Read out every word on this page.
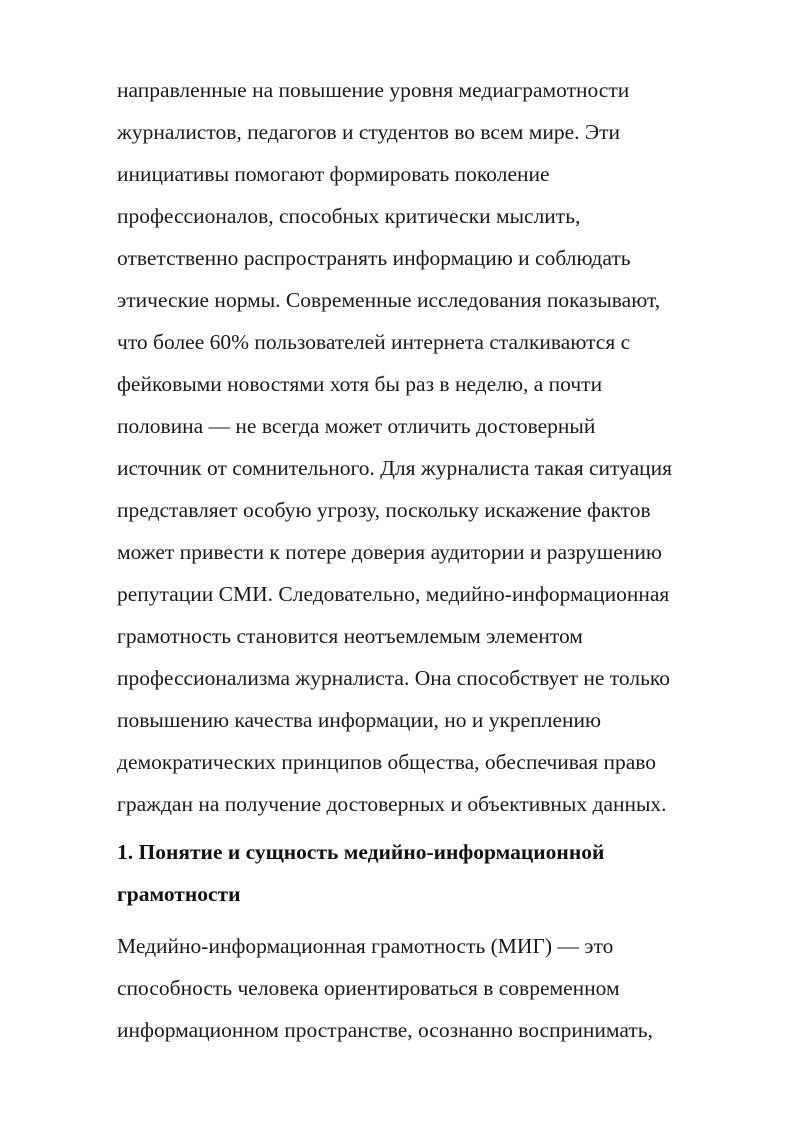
направленные на повышение уровня медиаграмотности
журналистов, педагогов и студентов во всем мире. Эти
инициативы помогают формировать поколение
профессионалов, способных критически мыслить,
ответственно распространять информацию и соблюдать
этические нормы. Современные исследования показывают,
что более 60% пользователей интернета сталкиваются с
фейковыми новостями хотя бы раз в неделю, а почти
половина — не всегда может отличить достоверный
источник от сомнительного. Для журналиста такая ситуация
представляет особую угрозу, поскольку искажение фактов
может привести к потере доверия аудитории и разрушению
репутации СМИ. Следовательно, медийно-информационная
грамотность становится неотъемлемым элементом
профессионализма журналиста. Она способствует не только
повышению качества информации, но и укреплению
демократических принципов общества, обеспечивая право
граждан на получение достоверных и объективных данных.
1. Понятие и сущность медийно-информационной
грамотности
Медийно-информационная грамотность (МИГ) — это
способность человека ориентироваться в современном
информационном пространстве, осознанно воспринимать,
